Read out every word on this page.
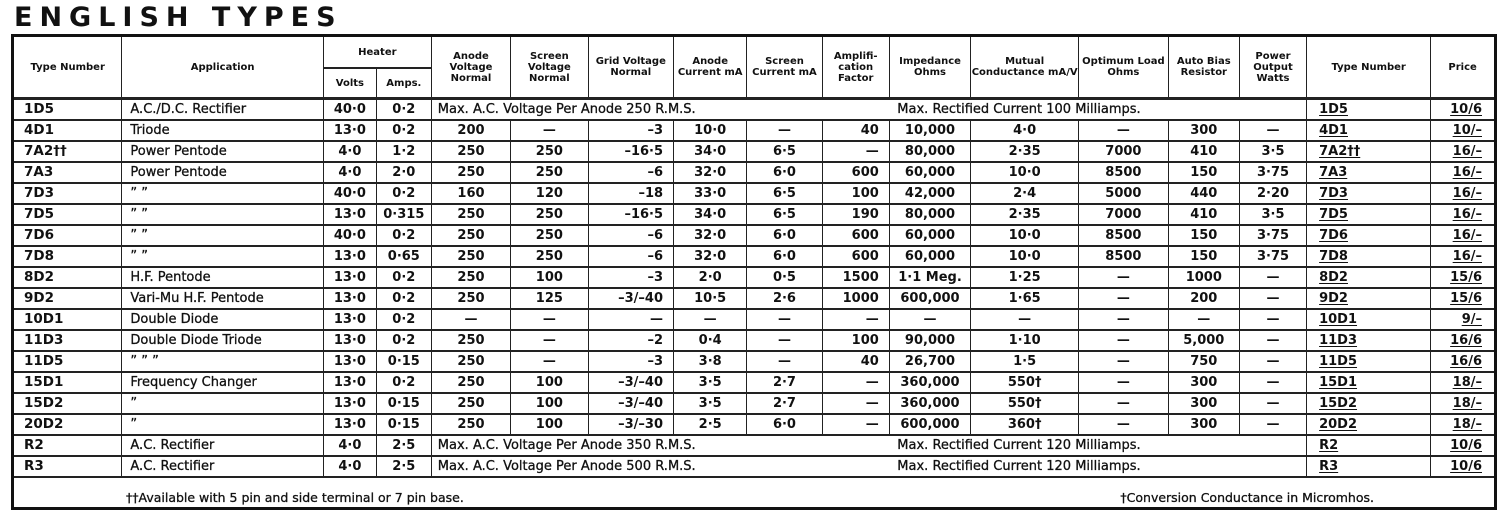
ENGLISH TYPES
Type Number	Application	Heater		Anode Voltage Normal	Screen Voltage Normal	Grid Voltage Normal	Anode Current mA	Screen Current mA	Amplifi- cation Factor	Impedance Ohms	Mutual Conductance mA/V	Optimum Load Ohms	Auto Bias Resistor	Power Output Watts	Type Number	Price
		Volts	Amps.													
1D5	A.C./D.C. Rectifier	40·0	0·2	Max. A.C. Voltage Per Anode 250 R.M.S.						Max. Rectified Current 100 Milliamps.					1D5	10/6
4D1	Triode	13·0	0·2	200	—	–3	10·0	—	40	10,000	4·0	—	300	—	4D1	10/–
7A2††	Power Pentode	4·0	1·2	250	250	–16·5	34·0	6·5	—	80,000	2·35	7000	410	3·5	7A2††	16/–
7A3	Power Pentode	4·0	2·0	250	250	–6	32·0	6·0	600	60,000	10·0	8500	150	3·75	7A3	16/–
7D3	” ”	40·0	0·2	160	120	–18	33·0	6·5	100	42,000	2·4	5000	440	2·20	7D3	16/–
7D5	” ”	13·0	0·315	250	250	–16·5	34·0	6·5	190	80,000	2·35	7000	410	3·5	7D5	16/–
7D6	” ”	40·0	0·2	250	250	–6	32·0	6·0	600	60,000	10·0	8500	150	3·75	7D6	16/–
7D8	” ”	13·0	0·65	250	250	–6	32·0	6·0	600	60,000	10·0	8500	150	3·75	7D8	16/–
8D2	H.F. Pentode	13·0	0·2	250	100	–3	2·0	0·5	1500	1·1 Meg.	1·25	—	1000	—	8D2	15/6
9D2	Vari-Mu H.F. Pentode	13·0	0·2	250	125	–3/–40	10·5	2·6	1000	600,000	1·65	—	200	—	9D2	15/6
10D1	Double Diode	13·0	0·2	—	—	—	—	—	—	—	—	—	—	—	10D1	9/–
11D3	Double Diode Triode	13·0	0·2	250	—	–2	0·4	—	100	90,000	1·10	—	5,000	—	11D3	16/6
11D5	” ” ”	13·0	0·15	250	—	–3	3·8	—	40	26,700	1·5	—	750	—	11D5	16/6
15D1	Frequency Changer	13·0	0·2	250	100	–3/–40	3·5	2·7	—	360,000	550†	—	300	—	15D1	18/–
15D2	”	13·0	0·15	250	100	–3/–40	3·5	2·7	—	360,000	550†	—	300	—	15D2	18/–
20D2	”	13·0	0·15	250	100	–3/–30	2·5	6·0	—	600,000	360†	—	300	—	20D2	18/–
R2	A.C. Rectifier	4·0	2·5	Max. A.C. Voltage Per Anode 350 R.M.S.						Max. Rectified Current 120 Milliamps.					R2	10/6
R3	A.C. Rectifier	4·0	2·5	Max. A.C. Voltage Per Anode 500 R.M.S.						Max. Rectified Current 120 Milliamps.					R3	10/6
††Available with 5 pin and side terminal or 7 pin base.									†Conversion Conductance in Micromhos.							
